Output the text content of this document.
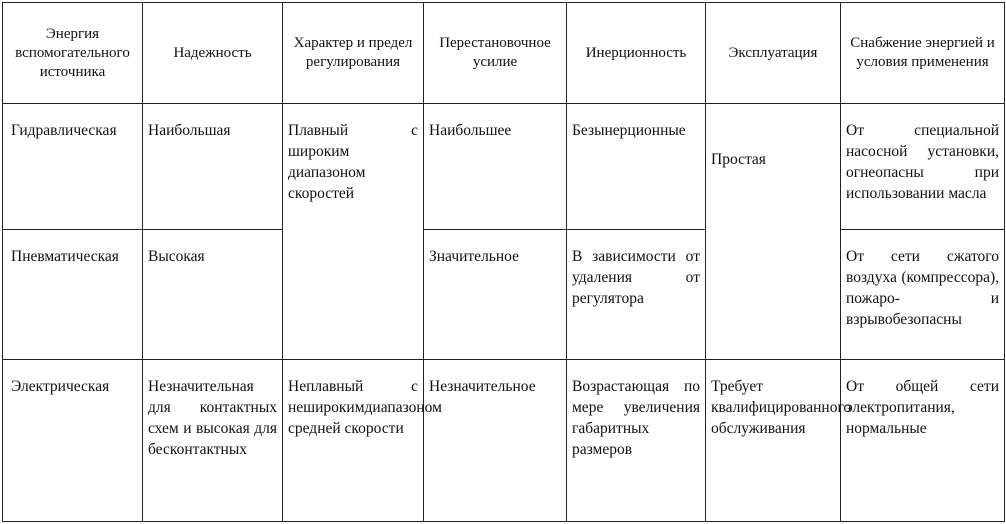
Энергия вспомогательного источника	Надежность	Характер и предел регулирования	Перестановочное усилие	Инерционность	Эксплуатация	Снабжение энергией и условия применения
Гидравлическая	Наибольшая	Плавный с широким диапазоном скоростей	Наибольшее	Безынерционные	Простая	От специальной насосной установки, огнеопасны при использовании масла
Пневматическая	Высокая		Значительное	В зависимости от удаления от регулятора		От сети сжатого воздуха (компрессора), пожаро- и взрывобезопасны
Электрическая	Незначительная для контактных схем и высокая для бесконтактных	Неплавный с неширокимдиапазоном средней скорости	Незначительное	Возрастающая по мере увеличения габаритных размеров	Требует квалифицированного обслуживания	От общей сети электропитания, нормальные
